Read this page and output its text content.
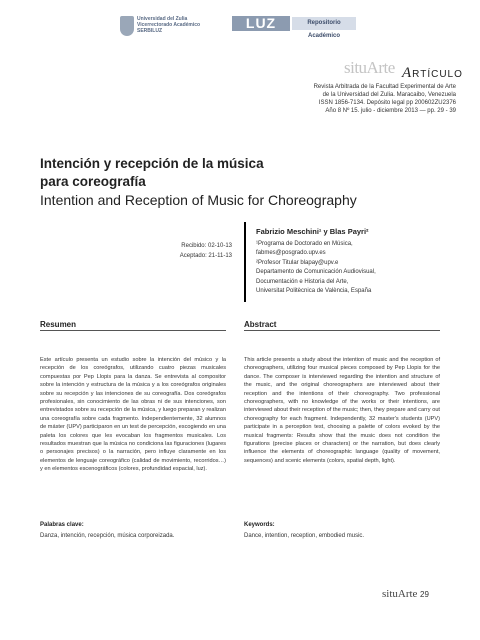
Universidad del Zulia
Vicerrectorado Académico
SERBILUZ	LUZ	Repositorio Académico
situArte ARTÍCULO
Revista Arbitrada de la Facultad Experimental de Arte
de la Universidad del Zulia. Maracaibo, Venezuela
ISSN 1856-7134. Depósito legal pp 200602ZU2376
Año 8 Nº 15. julio - diciembre 2013 — pp. 29 - 39
Intención y recepción de la música
para coreografía
Intention and Reception of Music for Choreography
Recibido: 02-10-13
Aceptado: 21-11-13
Fabrizio Meschini¹ y Blas Payri²
¹Programa de Doctorado en Música,
fabmes@posgrado.upv.es
²Profesor Titular blapay@upv.e
Departamento de Comunicación Audiovisual,
Documentación e Historia del Arte,
Universitat Politècnica de València, España
Resumen
Este artículo presenta un estudio sobre la intención del músico y la recepción de los coreógrafos, utilizando cuatro piezas musicales compuestas por Pep Llopis para la danza. Se entrevista al compositor sobre la intención y estructura de la música y a los coreógrafos originales sobre su recepción y las intenciones de su coreografía. Dos coreógrafos profesionales, sin conocimiento de las obras ni de sus intenciones, son entrevistados sobre su recepción de la música, y luego preparan y realizan una coreografía sobre cada fragmento. Independientemente, 32 alumnos de máster (UPV) participaron en un test de percepción, escogiendo en una paleta los colores que les evocaban los fragmentos musicales. Los resultados muestran que la música no condiciona las figuraciones (lugares o personajes precisos) o la narración, pero influye claramente en los elementos de lenguaje coreográfico (calidad de movimiento, recorridos…) y en elementos escenográficos (colores, profundidad espacial, luz).
Palabras clave:
Danza, intención, recepción, música corporeizada.
Abstract
This article presents a study about the intention of music and the reception of choreographers, utilizing four musical pieces composed by Pep Llopis for the dance. The composer is interviewed regarding the intention and structure of the music, and the original choreographers are interviewed about their reception and the intentions of their choreography. Two professional choreographers, with no knowledge of the works or their intentions, are interviewed about their reception of the music; then, they prepare and carry out choreography for each fragment. Independently, 32 master's students (UPV) participate in a perception test, choosing a palette of colors evoked by the musical fragments: Results show that the music does not condition the figurations (precise places or characters) or the narration, but does clearly influence the elements of choreographic language (quality of movement, sequences) and scenic elements (colors, spatial depth, light).
Keywords:
Dance, intention, reception, embodied music.
situArte 29
